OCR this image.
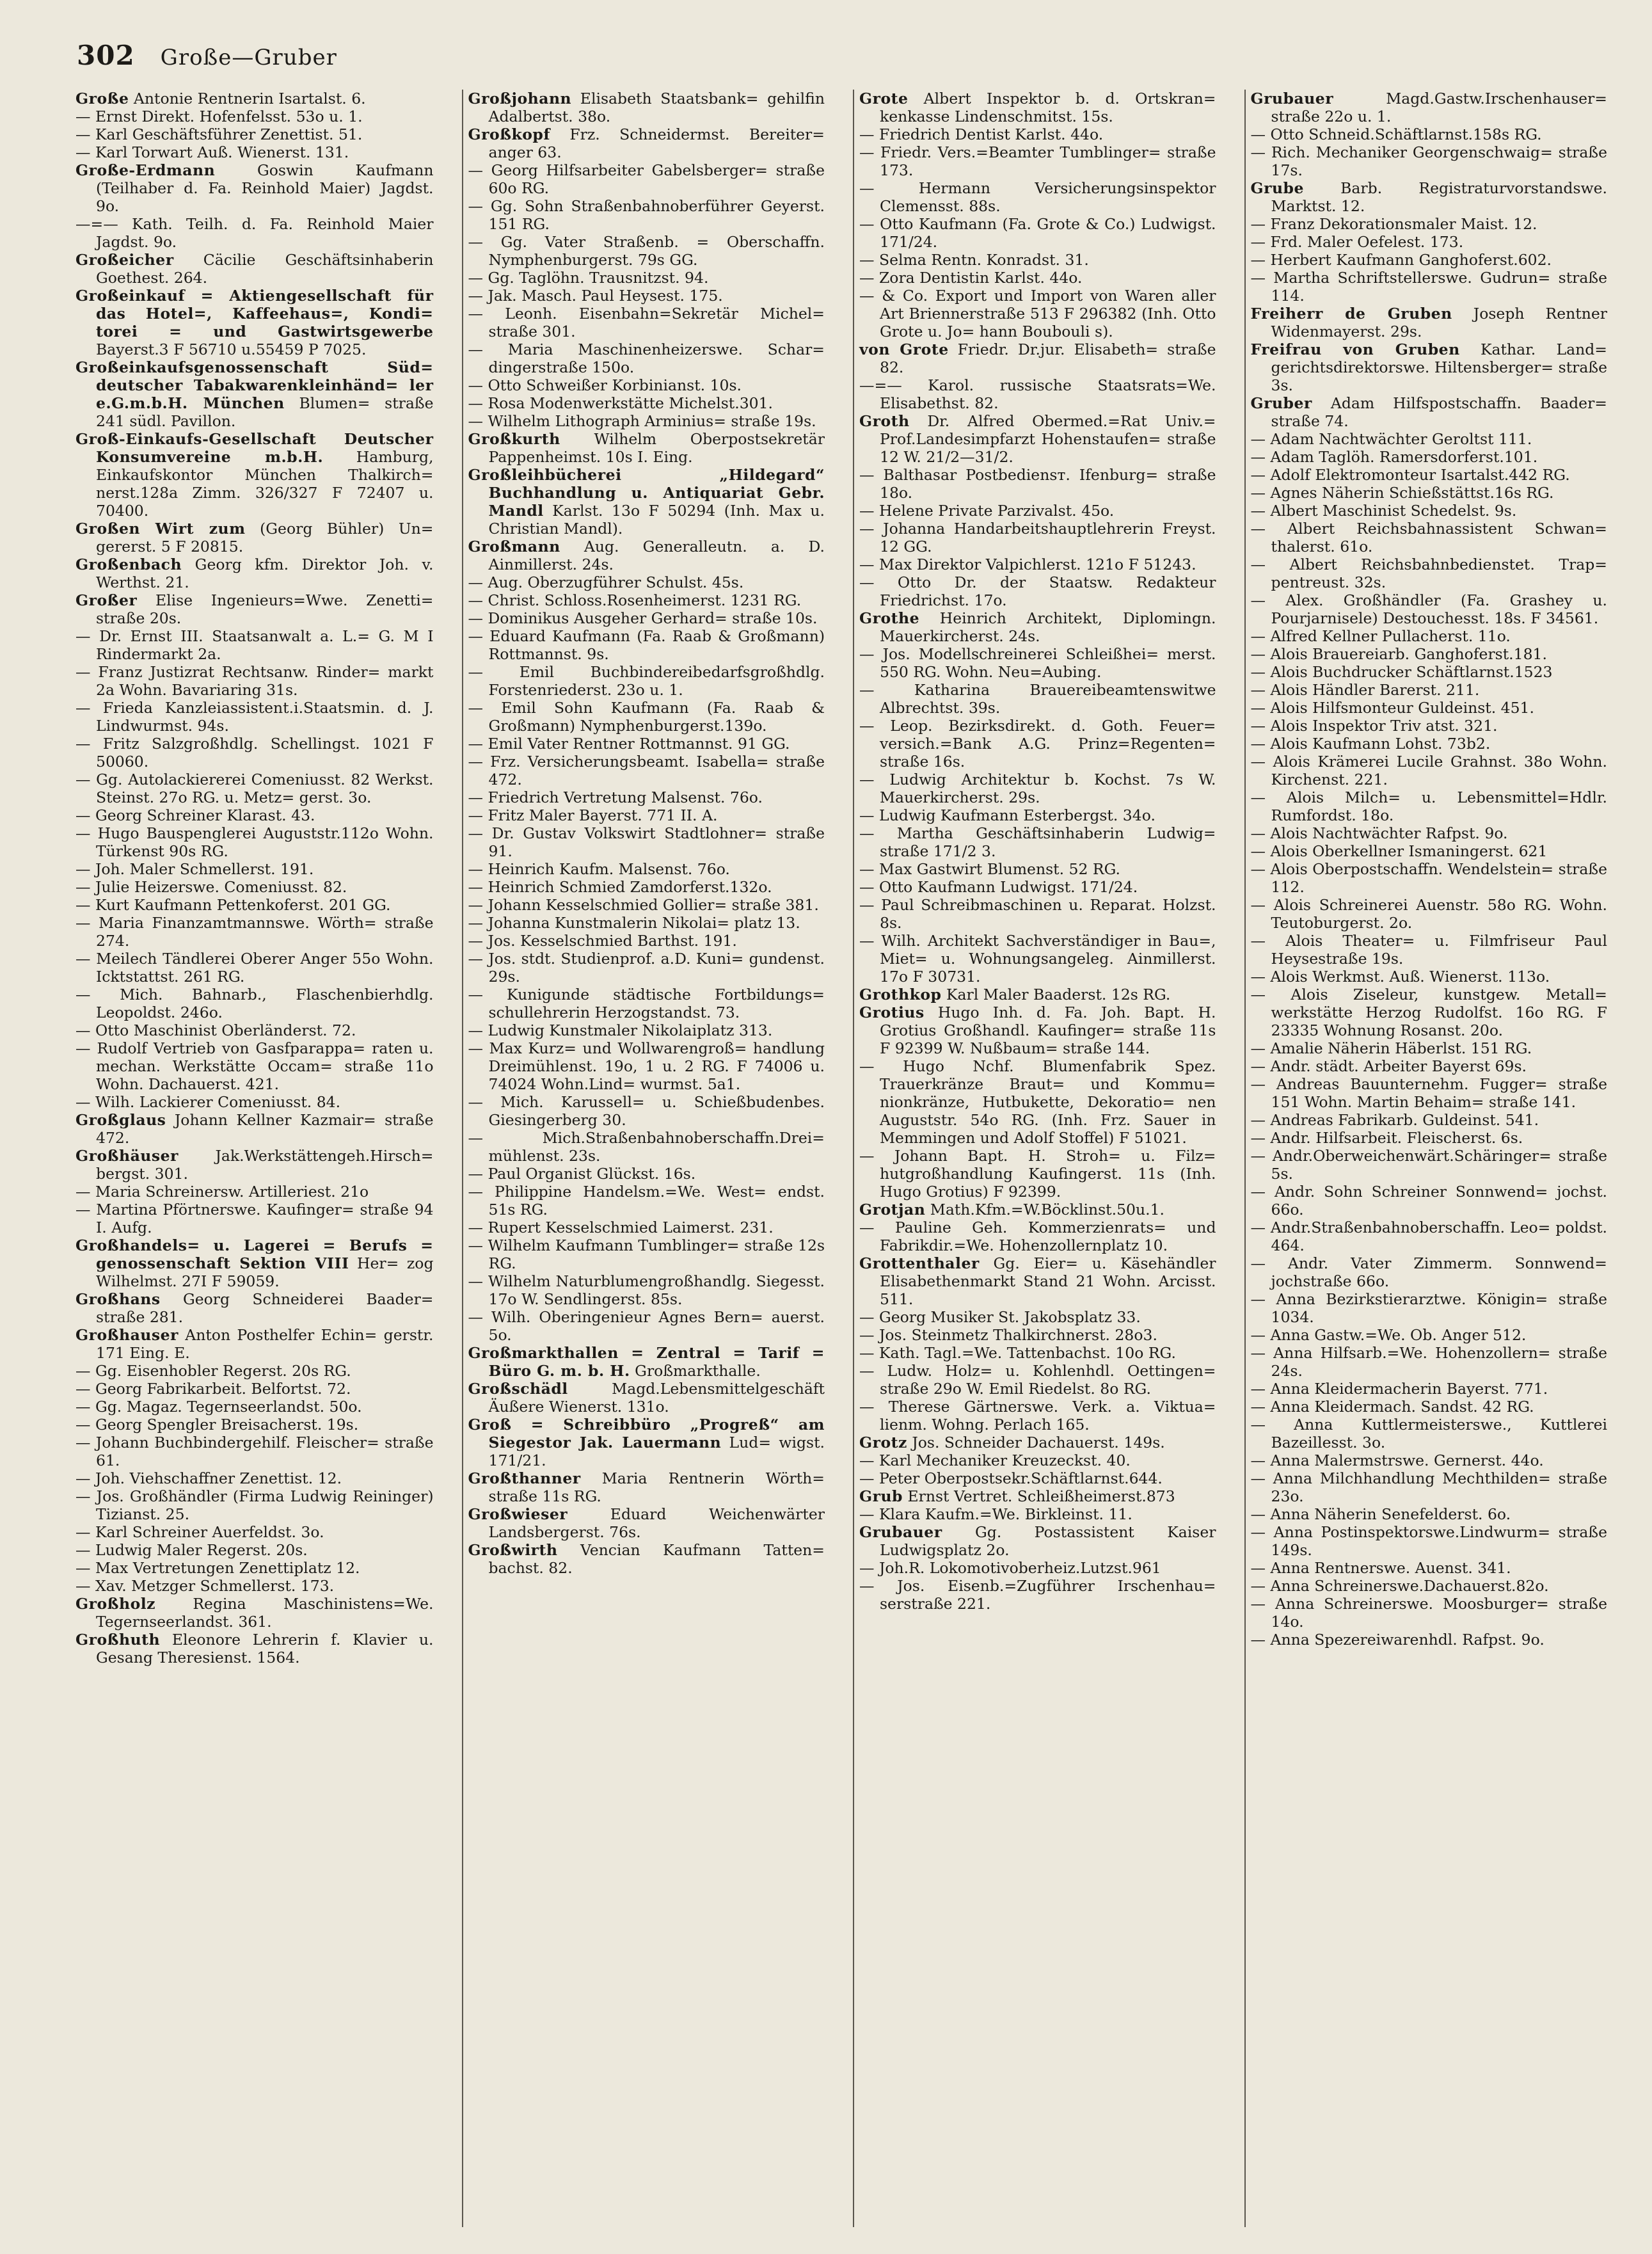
302 Große—Gruber
Große Antonie Rentnerin Isartalst. 6.
— Ernst Direkt. Hofenfelsst. 53o u. 1.
— Karl Geschäftsführer Zenettist. 51.
— Karl Torwart Auß. Wienerst. 131.
Große-Erdmann	Goswin Kaufmann (Teilhaber d. Fa. Reinhold Maier) Jagdst. 9o.
—=— Kath. Teilh. d. Fa. Reinhold Maier Jagdst. 9o.
Großeicher Cäcilie Geschäftsinhaberin Goethest. 264.
Großeinkauf = Aktiengesellschaft für das Hotel=, Kaffeehaus=, Kondi= torei = und Gastwirtsgewerbe Bayerst.3 F 56710 u.55459 P 7025.
Großeinkaufsgenossenschaft Süd= deutscher Tabakwarenkleinhänd= ler e.G.m.b.H. München Blumen= straße 241 südl. Pavillon.
Groß-Einkaufs-Gesellschaft Deutscher Konsumvereine m.b.H. Hamburg, Einkaufskontor München Thalkirch= nerst.128a Zimm. 326/327 F 72407 u. 70400.
Großen Wirt zum (Georg Bühler) Un= gererst. 5 F 20815.
Großenbach Georg kfm. Direktor Joh. v. Werthst. 21.
Großer Elise Ingenieurs=Wwe. Zenetti= straße 20s.
— Dr. Ernst III. Staatsanwalt a. L.= G. M I Rindermarkt 2a.
— Franz Justizrat Rechtsanw. Rinder= markt 2a Wohn. Bavariaring 31s.
— Frieda Kanzleiassistent.i.Staatsmin. d. J. Lindwurmst. 94s.
— Fritz Salzgroßhdlg. Schellingst. 1021 F 50060.
— Gg. Autolackiererei Comeniusst. 82 Werkst. Steinst. 27o RG. u. Metz= gerst. 3o.
— Georg Schreiner Klarast. 43.
— Hugo Bauspenglerei Auguststr.112o Wohn. Türkenst 90s RG.
— Joh. Maler Schmellerst. 191.
— Julie Heizerswe. Comeniusst. 82.
— Kurt Kaufmann Pettenkoferst. 201 GG.
— Maria Finanzamtmannswe. Wörth= straße 274.
— Meilech Tändlerei Oberer Anger 55o Wohn. Icktstattst. 261 RG.
— Mich. Bahnarb., Flaschenbierhdlg. Leopoldst. 246o.
— Otto Maschinist Oberländerst. 72.
— Rudolf Vertrieb von Gasfparappa= raten u. mechan. Werkstätte Occam= straße 11o Wohn. Dachauerst. 421.
— Wilh. Lackierer Comeniusst. 84.
Großglaus Johann Kellner Kazmair= straße 472.
Großhäuser Jak.Werkstättengeh.Hirsch= bergst. 301.
— Maria Schreinersw. Artilleriest. 21o
— Martina Pförtnerswe. Kaufinger= straße 94 I. Aufg.
Großhandels= u. Lagerei = Berufs = genossenschaft Sektion VIII Her= zog Wilhelmst. 27I F 59059.
Großhans Georg Schneiderei Baader= straße 281.
Großhauser Anton Posthelfer Echin= gerstr. 171 Eing. E.
— Gg. Eisenhobler Regerst. 20s RG.
— Georg Fabrikarbeit. Belfortst. 72.
— Gg. Magaz. Tegernseerlandst. 50o.
— Georg Spengler Breisacherst. 19s.
— Johann Buchbindergehilf. Fleischer= straße 61.
— Joh. Viehschaffner Zenettist. 12.
— Jos. Großhändler (Firma Ludwig Reininger) Tizianst. 25.
— Karl Schreiner Auerfeldst. 3o.
— Ludwig Maler Regerst. 20s.
— Max Vertretungen Zenettiplatz 12.
— Xav. Metzger Schmellerst. 173.
Großholz Regina Maschinistens=We. Tegernseerlandst. 361.
Großhuth Eleonore Lehrerin f. Klavier u. Gesang Theresienst. 1564.
Großjohann Elisabeth Staatsbank= gehilfin Adalbertst. 38o.
Großkopf Frz. Schneidermst. Bereiter= anger 63.
— Georg Hilfsarbeiter Gabelsberger= straße 60o RG.
— Gg. Sohn Straßenbahnoberführer Geyerst. 151 RG.
— Gg. Vater Straßenb. = Oberschaffn. Nymphenburgerst. 79s GG.
— Gg. Taglöhn. Trausnitzst. 94.
— Jak. Masch. Paul Heysest. 175.
— Leonh. Eisenbahn=Sekretär Michel= straße 301.
— Maria Maschinenheizerswe. Schar= dingerstraße 150o.
— Otto Schweißer Korbinianst. 10s.
— Rosa Modenwerkstätte Michelst.301.
— Wilhelm Lithograph Arminius= straße 19s.
Großkurth Wilhelm Oberpostsekretär Pappenheimst. 10s I. Eing.
Großleihbücherei „Hildegard“ Buchhandlung u. Antiquariat Gebr. Mandl Karlst. 13o F 50294 (Inh. Max u. Christian Mandl).
Großmann Aug. Generalleutn. a. D. Ainmillerst. 24s.
— Aug. Oberzugführer Schulst. 45s.
— Christ. Schloss.Rosenheimerst. 1231 RG.
— Dominikus Ausgeher Gerhard= straße 10s.
— Eduard Kaufmann (Fa. Raab & Großmann) Rottmannst. 9s.
— Emil Buchbindereibedarfsgroßhdlg. Forstenriederst. 23o u. 1.
— Emil Sohn Kaufmann (Fa. Raab & Großmann) Nymphenburgerst.139o.
— Emil Vater Rentner Rottmannst. 91 GG.
— Frz. Versicherungsbeamt. Isabella= straße 472.
— Friedrich Vertretung Malsenst. 76o.
— Fritz Maler Bayerst. 771 II. A.
— Dr. Gustav Volkswirt Stadtlohner= straße 91.
— Heinrich Kaufm. Malsenst. 76o.
— Heinrich Schmied Zamdorferst.132o.
— Johann Kesselschmied Gollier= straße 381.
— Johanna Kunstmalerin Nikolai= platz 13.
— Jos. Kesselschmied Barthst. 191.
— Jos. stdt. Studienprof. a.D. Kuni= gundenst. 29s.
— Kunigunde städtische Fortbildungs= schullehrerin Herzogstandst. 73.
— Ludwig Kunstmaler Nikolaiplatz 313.
— Max Kurz= und Wollwarengroß= handlung Dreimühlenst. 19o, 1 u. 2 RG. F 74006 u. 74024 Wohn.Lind= wurmst. 5a1.
— Mich. Karussell= u. Schießbudenbes. Giesingerberg 30.
— Mich.Straßenbahnoberschaffn.Drei= mühlenst. 23s.
— Paul Organist Glückst. 16s.
— Philippine Handelsm.=We. West= endst. 51s RG.
— Rupert Kesselschmied Laimerst. 231.
— Wilhelm Kaufmann Tumblinger= straße 12s RG.
— Wilhelm Naturblumengroßhandlg. Siegesst. 17o W. Sendlingerst. 85s.
— Wilh. Oberingenieur Agnes Bern= auerst. 5o.
Großmarkthallen = Zentral = Tarif = Büro G. m. b. H. Großmarkthalle.
Großschädl	Magd.Lebensmittelgeschäft Äußere Wienerst. 131o.
Groß = Schreibbüro „Progreß“ am Siegestor Jak. Lauermann Lud= wigst. 171/21.
Großthanner Maria Rentnerin Wörth= straße 11s RG.
Großwieser	Eduard Weichenwärter Landsbergerst. 76s.
Großwirth Vencian Kaufmann Tatten= bachst. 82.
Grote Albert Inspektor b. d. Ortskran= kenkasse Lindenschmitst. 15s.
— Friedrich Dentist Karlst. 44o.
— Friedr. Vers.=Beamter Tumblinger= straße 173.
— Hermann Versicherungsinspektor Clemensst. 88s.
— Otto Kaufmann (Fa. Grote & Co.) Ludwigst. 171/24.
— Selma Rentn. Konradst. 31.
— Zora Dentistin Karlst. 44o.
— & Co. Export und Import von Waren aller Art Briennerstraße 513 F 296382 (Inh. Otto Grote u. Jo= hann Boubouli s).
von Grote Friedr. Dr.jur. Elisabeth= straße 82.
—=— Karol. russische Staatsrats=We. Elisabethst. 82.
Groth Dr. Alfred Obermed.=Rat Univ.= Prof.Landesimpfarzt Hohenstaufen= straße 12 W. 21/2—31/2.
— Balthasar Postbediensт. Ifenburg= straße 18o.
— Helene Private Parzivalst. 45o.
— Johanna Handarbeitshauptlehrerin Freyst. 12 GG.
— Max Direktor Valpichlerst. 121o F 51243.
— Otto Dr. der Staatsw. Redakteur Friedrichst. 17o.
Grothe Heinrich Architekt, Diplomingn. Mauerkircherst. 24s.
— Jos. Modellschreinerei Schleißhei= merst. 550 RG. Wohn. Neu=Aubing.
— Katharina Brauereibeamtenswitwe Albrechtst. 39s.
— Leop. Bezirksdirekt. d. Goth. Feuer= versich.=Bank A.G. Prinz=Regenten= straße 16s.
— Ludwig Architektur b. Kochst. 7s W. Mauerkircherst. 29s.
— Ludwig Kaufmann Esterbergst. 34o.
— Martha Geschäftsinhaberin Ludwig= straße 171/2 3.
— Max Gastwirt Blumenst. 52 RG.
— Otto Kaufmann Ludwigst. 171/24.
— Paul Schreibmaschinen u. Reparat. Holzst. 8s.
— Wilh. Architekt Sachverständiger in Bau=, Miet= u. Wohnungsangeleg. Ainmillerst. 17o F 30731.
Grothkop Karl Maler Baaderst. 12s RG.
Grotius Hugo Inh. d. Fa. Joh. Bapt. H. Grotius Großhandl. Kaufinger= straße 11s F 92399 W. Nußbaum= straße 144.
— Hugo Nchf. Blumenfabrik Spez. Trauerkränze Braut= und Kommu= nionkränze, Hutbukette, Dekoratio= nen Auguststr. 54o RG. (Inh. Frz. Sauer in Memmingen und Adolf Stoffel) F 51021.
— Johann Bapt. H. Stroh= u. Filz= hutgroßhandlung Kaufingerst. 11s (Inh. Hugo Grotius) F 92399.
Grotjan Math.Kfm.=W.Böcklinst.50u.1.
— Pauline Geh. Kommerzienrats= und Fabrikdir.=We. Hohenzollernplatz 10.
Grottenthaler Gg. Eier= u. Käsehändler Elisabethenmarkt Stand 21 Wohn. Arcisst. 511.
— Georg Musiker St. Jakobsplatz 33.
— Jos. Steinmetz Thalkirchnerst. 28o3.
— Kath. Tagl.=We. Tattenbachst. 10o RG.
— Ludw. Holz= u. Kohlenhdl. Oettingen= straße 29o W. Emil Riedelst. 8o RG.
— Therese Gärtnerswe. Verk. a. Viktua= lienm. Wohng. Perlach 165.
Grotz Jos. Schneider Dachauerst. 149s.
— Karl Mechaniker Kreuzeckst. 40.
— Peter Oberpostsekr.Schäftlarnst.644.
Grub Ernst Vertret. Schleißheimerst.873
— Klara Kaufm.=We. Birkleinst. 11.
Grubauer Gg. Postassistent Kaiser Ludwigsplatz 2o.
— Joh.R. Lokomotivoberheiz.Lutzst.961
— Jos. Eisenb.=Zugführer Irschenhau= serstraße 221.
Grubauer	Magd.Gastw.Irschenhauser= straße 22o u. 1.
— Otto Schneid.Schäftlarnst.158s RG.
— Rich. Mechaniker Georgenschwaig= straße 17s.
Grube Barb. Registraturvorstandswe. Marktst. 12.
— Franz Dekorationsmaler Maist. 12.
— Frd. Maler Oefelest. 173.
— Herbert Kaufmann Ganghoferst.602.
— Martha Schriftstellerswe. Gudrun= straße 114.
Freiherr de Gruben Joseph Rentner Widenmayerst. 29s.
Freifrau von Gruben Kathar. Land= gerichtsdirektorswe. Hiltensberger= straße 3s.
Gruber Adam Hilfspostschaffn. Baader= straße 74.
— Adam Nachtwächter Geroltst 111.
— Adam Taglöh. Ramersdorferst.101.
— Adolf Elektromonteur Isartalst.442 RG.
— Agnes Näherin Schießstättst.16s RG.
— Albert Maschinist Schedelst. 9s.
— Albert Reichsbahnassistent Schwan= thalerst. 61o.
— Albert Reichsbahnbedienstet. Trap= pentreust. 32s.
— Alex. Großhändler (Fa. Grashey u. Pourjarnisele) Destouchesst. 18s. F 34561.
— Alfred Kellner Pullacherst. 11o.
— Alois Brauereiarb. Ganghoferst.181.
— Alois Buchdrucker Schäftlarnst.1523
— Alois Händler Barerst. 211.
— Alois Hilfsmonteur Guldeinst. 451.
— Alois Inspektor Triv atst. 321.
— Alois Kaufmann Lohst. 73b2.
— Alois Krämerei Lucile Grahnst. 38o Wohn. Kirchenst. 221.
— Alois Milch= u. Lebensmittel=Hdlr. Rumfordst. 18o.
— Alois Nachtwächter Rafpst. 9o.
— Alois Oberkellner Ismaningerst. 621
— Alois Oberpostschaffn. Wendelstein= straße 112.
— Alois Schreinerei Auenstr. 58o RG. Wohn. Teutoburgerst. 2o.
— Alois Theater= u. Filmfriseur Paul Heysestraße 19s.
— Alois Werkmst. Auß. Wienerst. 113o.
— Alois Ziseleur, kunstgew. Metall= werkstätte Herzog Rudolfst. 16o RG. F 23335 Wohnung Rosanst. 20o.
— Amalie Näherin Häberlst. 151 RG.
— Andr. städt. Arbeiter Bayerst 69s.
— Andreas Bauunternehm. Fugger= straße 151 Wohn. Martin Behaim= straße 141.
— Andreas Fabrikarb. Guldeinst. 541.
— Andr. Hilfsarbeit. Fleischerst. 6s.
— Andr.Oberweichenwärt.Schäringer= straße 5s.
— Andr. Sohn Schreiner Sonnwend= jochst. 66o.
— Andr.Straßenbahnoberschaffn. Leo= poldst. 464.
— Andr. Vater Zimmerm. Sonnwend= jochstraße 66o.
— Anna Bezirkstierarztwe. Königin= straße 1034.
— Anna Gastw.=We. Ob. Anger 512.
— Anna Hilfsarb.=We. Hohenzollern= straße 24s.
— Anna Kleidermacherin Bayerst. 771.
— Anna Kleidermach. Sandst. 42 RG.
— Anna Kuttlermeisterswe., Kuttlerei Bazeillesst. 3o.
— Anna Malermstrswe. Gernerst. 44o.
— Anna Milchhandlung Mechthilden= straße 23o.
— Anna Näherin Senefelderst. 6o.
— Anna Postinspektorswe.Lindwurm= straße 149s.
— Anna Rentnerswe. Auenst. 341.
— Anna Schreinerswe.Dachauerst.82o.
— Anna Schreinerswe. Moosburger= straße 14o.
— Anna Spezereiwarenhdl. Rafpst. 9o.
